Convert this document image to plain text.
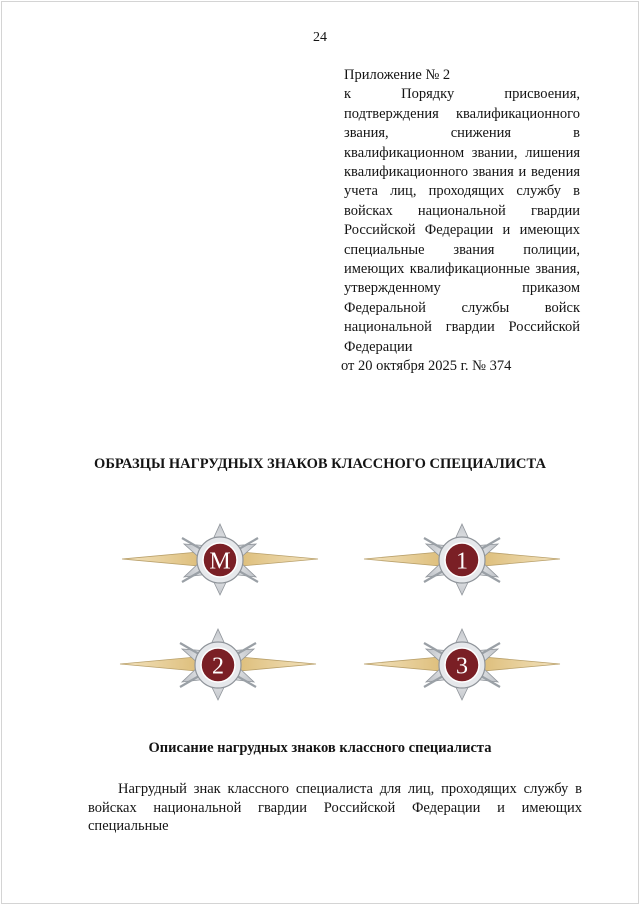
24
Приложение № 2
к Порядку присвоения, подтверждения квалификационного звания, снижения в квалификационном звании, лишения квалификационного звания и ведения учета лиц, проходящих службу в войсках национальной гвардии Российской Федерации и имеющих специальные звания полиции, имеющих квалификационные звания, утвержденному приказом Федеральной службы войск национальной гвардии Российской Федерации
от 20 октября 2025 г. № 374
ОБРАЗЦЫ НАГРУДНЫХ ЗНАКОВ КЛАССНОГО СПЕЦИАЛИСТА
М	1
2	3
Описание нагрудных знаков классного специалиста
Нагрудный знак классного специалиста для лиц, проходящих службу в войсках национальной гвардии Российской Федерации и имеющих специальные
